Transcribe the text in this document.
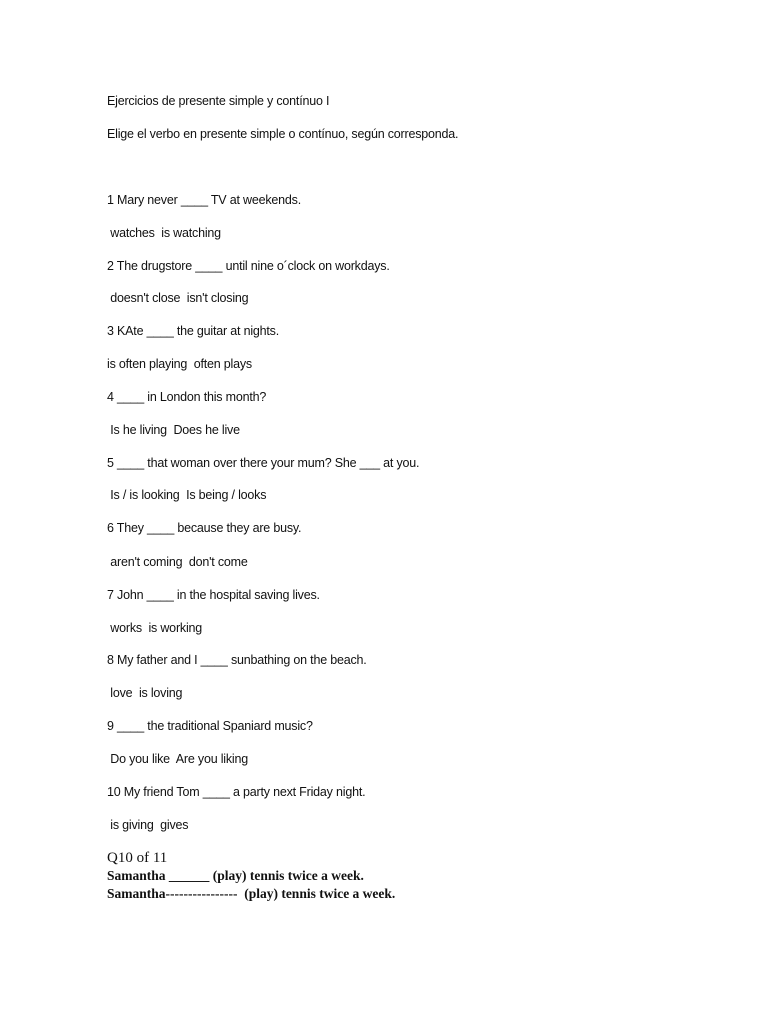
Ejercicios de presente simple y contínuo I

Elige el verbo en presente simple o contínuo, según corresponda.

1 Mary never ____ TV at weekends.

watches  is watching

2 The drugstore ____ until nine o´clock on workdays.

doesn't close  isn't closing

3 KAte ____ the guitar at nights.

is often playing  often plays

4 ____ in London this month?

Is he living  Does he live

5 ____ that woman over there your mum? She ___ at you.

Is / is looking  Is being / looks

6 They ____ because they are busy.

aren't coming  don't come

7 John ____ in the hospital saving lives.

works  is working

8 My father and I ____ sunbathing on the beach.

love  is loving

9 ____ the traditional Spaniard music?

Do you like  Are you liking

10 My friend Tom ____ a party next Friday night.

is giving  gives

Q10 of 11

Samantha ______ (play) tennis twice a week.

Samantha----------------  (play) tennis twice a week.
